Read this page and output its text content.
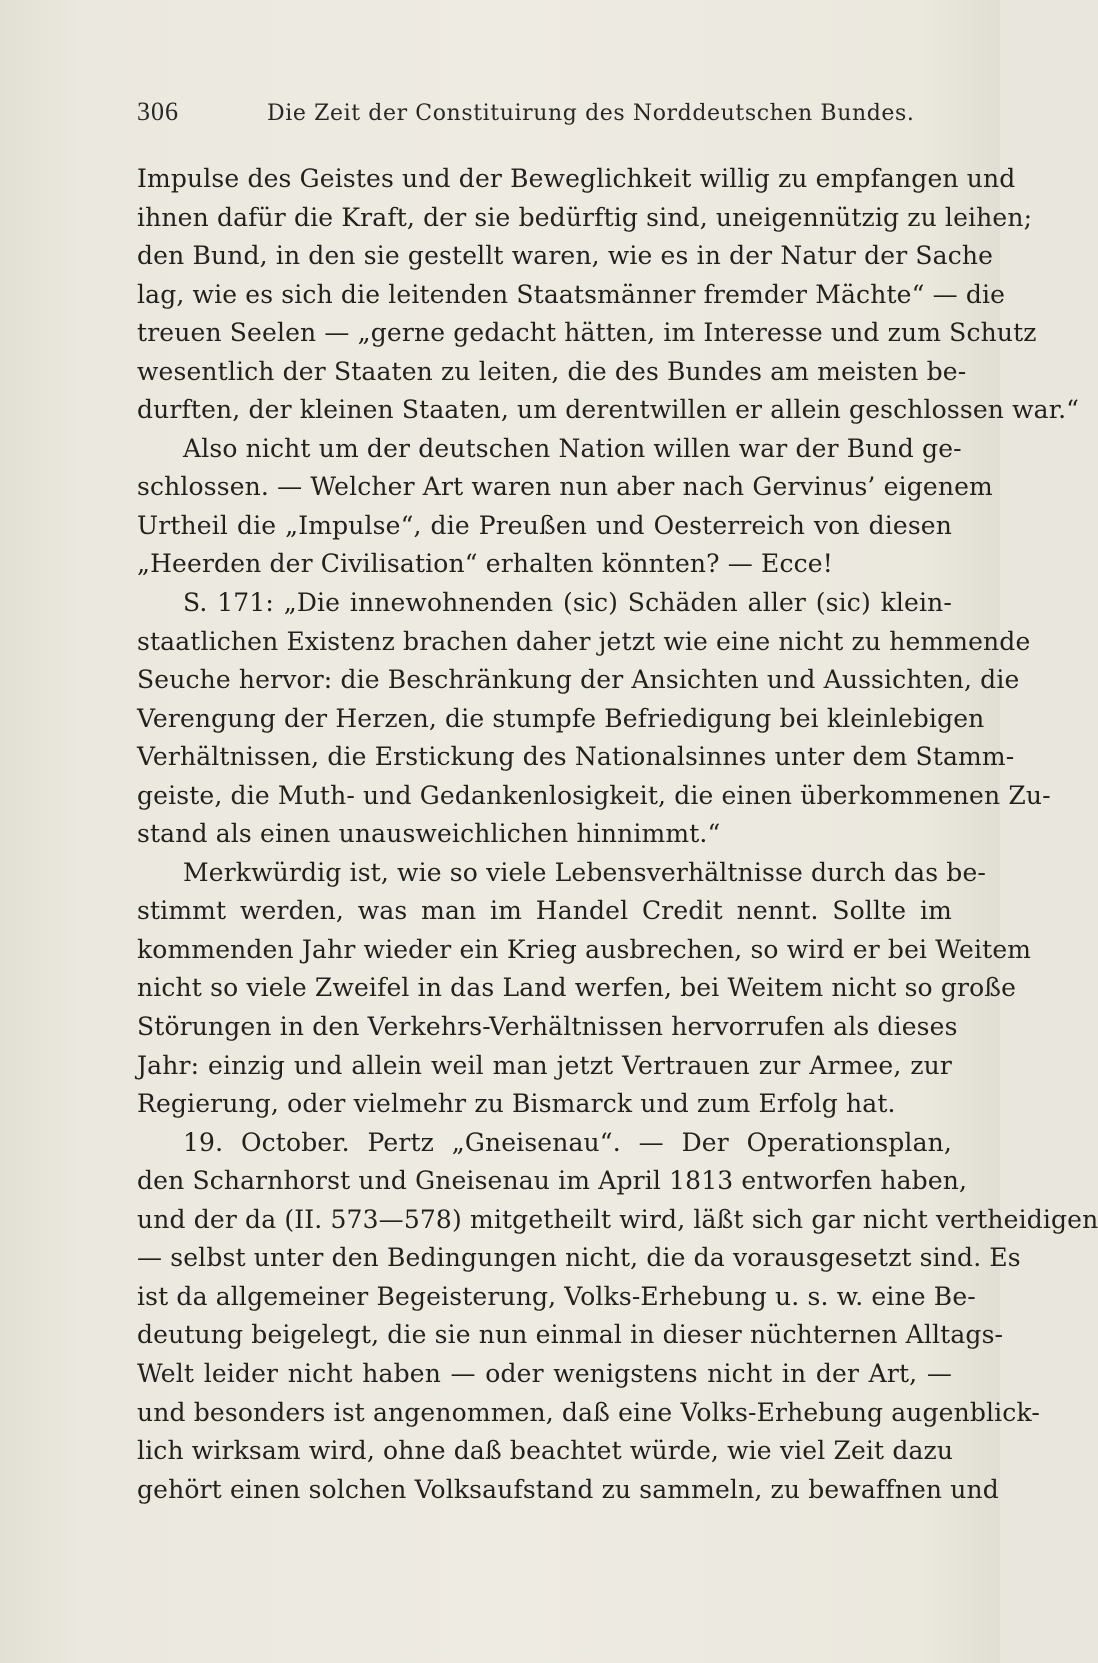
306	Die Zeit der Constituirung des Norddeutschen Bundes.
Impulse des Geistes und der Beweglichkeit willig zu empfangen und
ihnen dafür die Kraft, der sie bedürftig sind, uneigennützig zu leihen;
den Bund, in den sie gestellt waren, wie es in der Natur der Sache
lag, wie es sich die leitenden Staatsmänner fremder Mächte“ — die
treuen Seelen — „gerne gedacht hätten, im Interesse und zum Schutz
wesentlich der Staaten zu leiten, die des Bundes am meisten be-
durften, der kleinen Staaten, um derentwillen er allein geschlossen war.“
Also nicht um der deutschen Nation willen war der Bund ge-
schlossen. — Welcher Art waren nun aber nach Gervinus’ eigenem
Urtheil die „Impulse“, die Preußen und Oesterreich von diesen
„Heerden der Civilisation“ erhalten könnten? — Ecce!
S. 171: „Die innewohnenden (sic) Schäden aller (sic) klein-
staatlichen Existenz brachen daher jetzt wie eine nicht zu hemmende
Seuche hervor: die Beschränkung der Ansichten und Aussichten, die
Verengung der Herzen, die stumpfe Befriedigung bei kleinlebigen
Verhältnissen, die Erstickung des Nationalsinnes unter dem Stamm-
geiste, die Muth- und Gedankenlosigkeit, die einen überkommenen Zu-
stand als einen unausweichlichen hinnimmt.“
Merkwürdig ist, wie so viele Lebensverhältnisse durch das be-
stimmt werden, was man im Handel Credit nennt. Sollte im
kommenden Jahr wieder ein Krieg ausbrechen, so wird er bei Weitem
nicht so viele Zweifel in das Land werfen, bei Weitem nicht so große
Störungen in den Verkehrs-Verhältnissen hervorrufen als dieses
Jahr: einzig und allein weil man jetzt Vertrauen zur Armee, zur
Regierung, oder vielmehr zu Bismarck und zum Erfolg hat.
19. October. Pertz „Gneisenau“. — Der Operationsplan,
den Scharnhorst und Gneisenau im April 1813 entworfen haben,
und der da (II. 573—578) mitgetheilt wird, läßt sich gar nicht vertheidigen
— selbst unter den Bedingungen nicht, die da vorausgesetzt sind. Es
ist da allgemeiner Begeisterung, Volks-Erhebung u. s. w. eine Be-
deutung beigelegt, die sie nun einmal in dieser nüchternen Alltags-
Welt leider nicht haben — oder wenigstens nicht in der Art, —
und besonders ist angenommen, daß eine Volks-Erhebung augenblick-
lich wirksam wird, ohne daß beachtet würde, wie viel Zeit dazu
gehört einen solchen Volksaufstand zu sammeln, zu bewaffnen und
